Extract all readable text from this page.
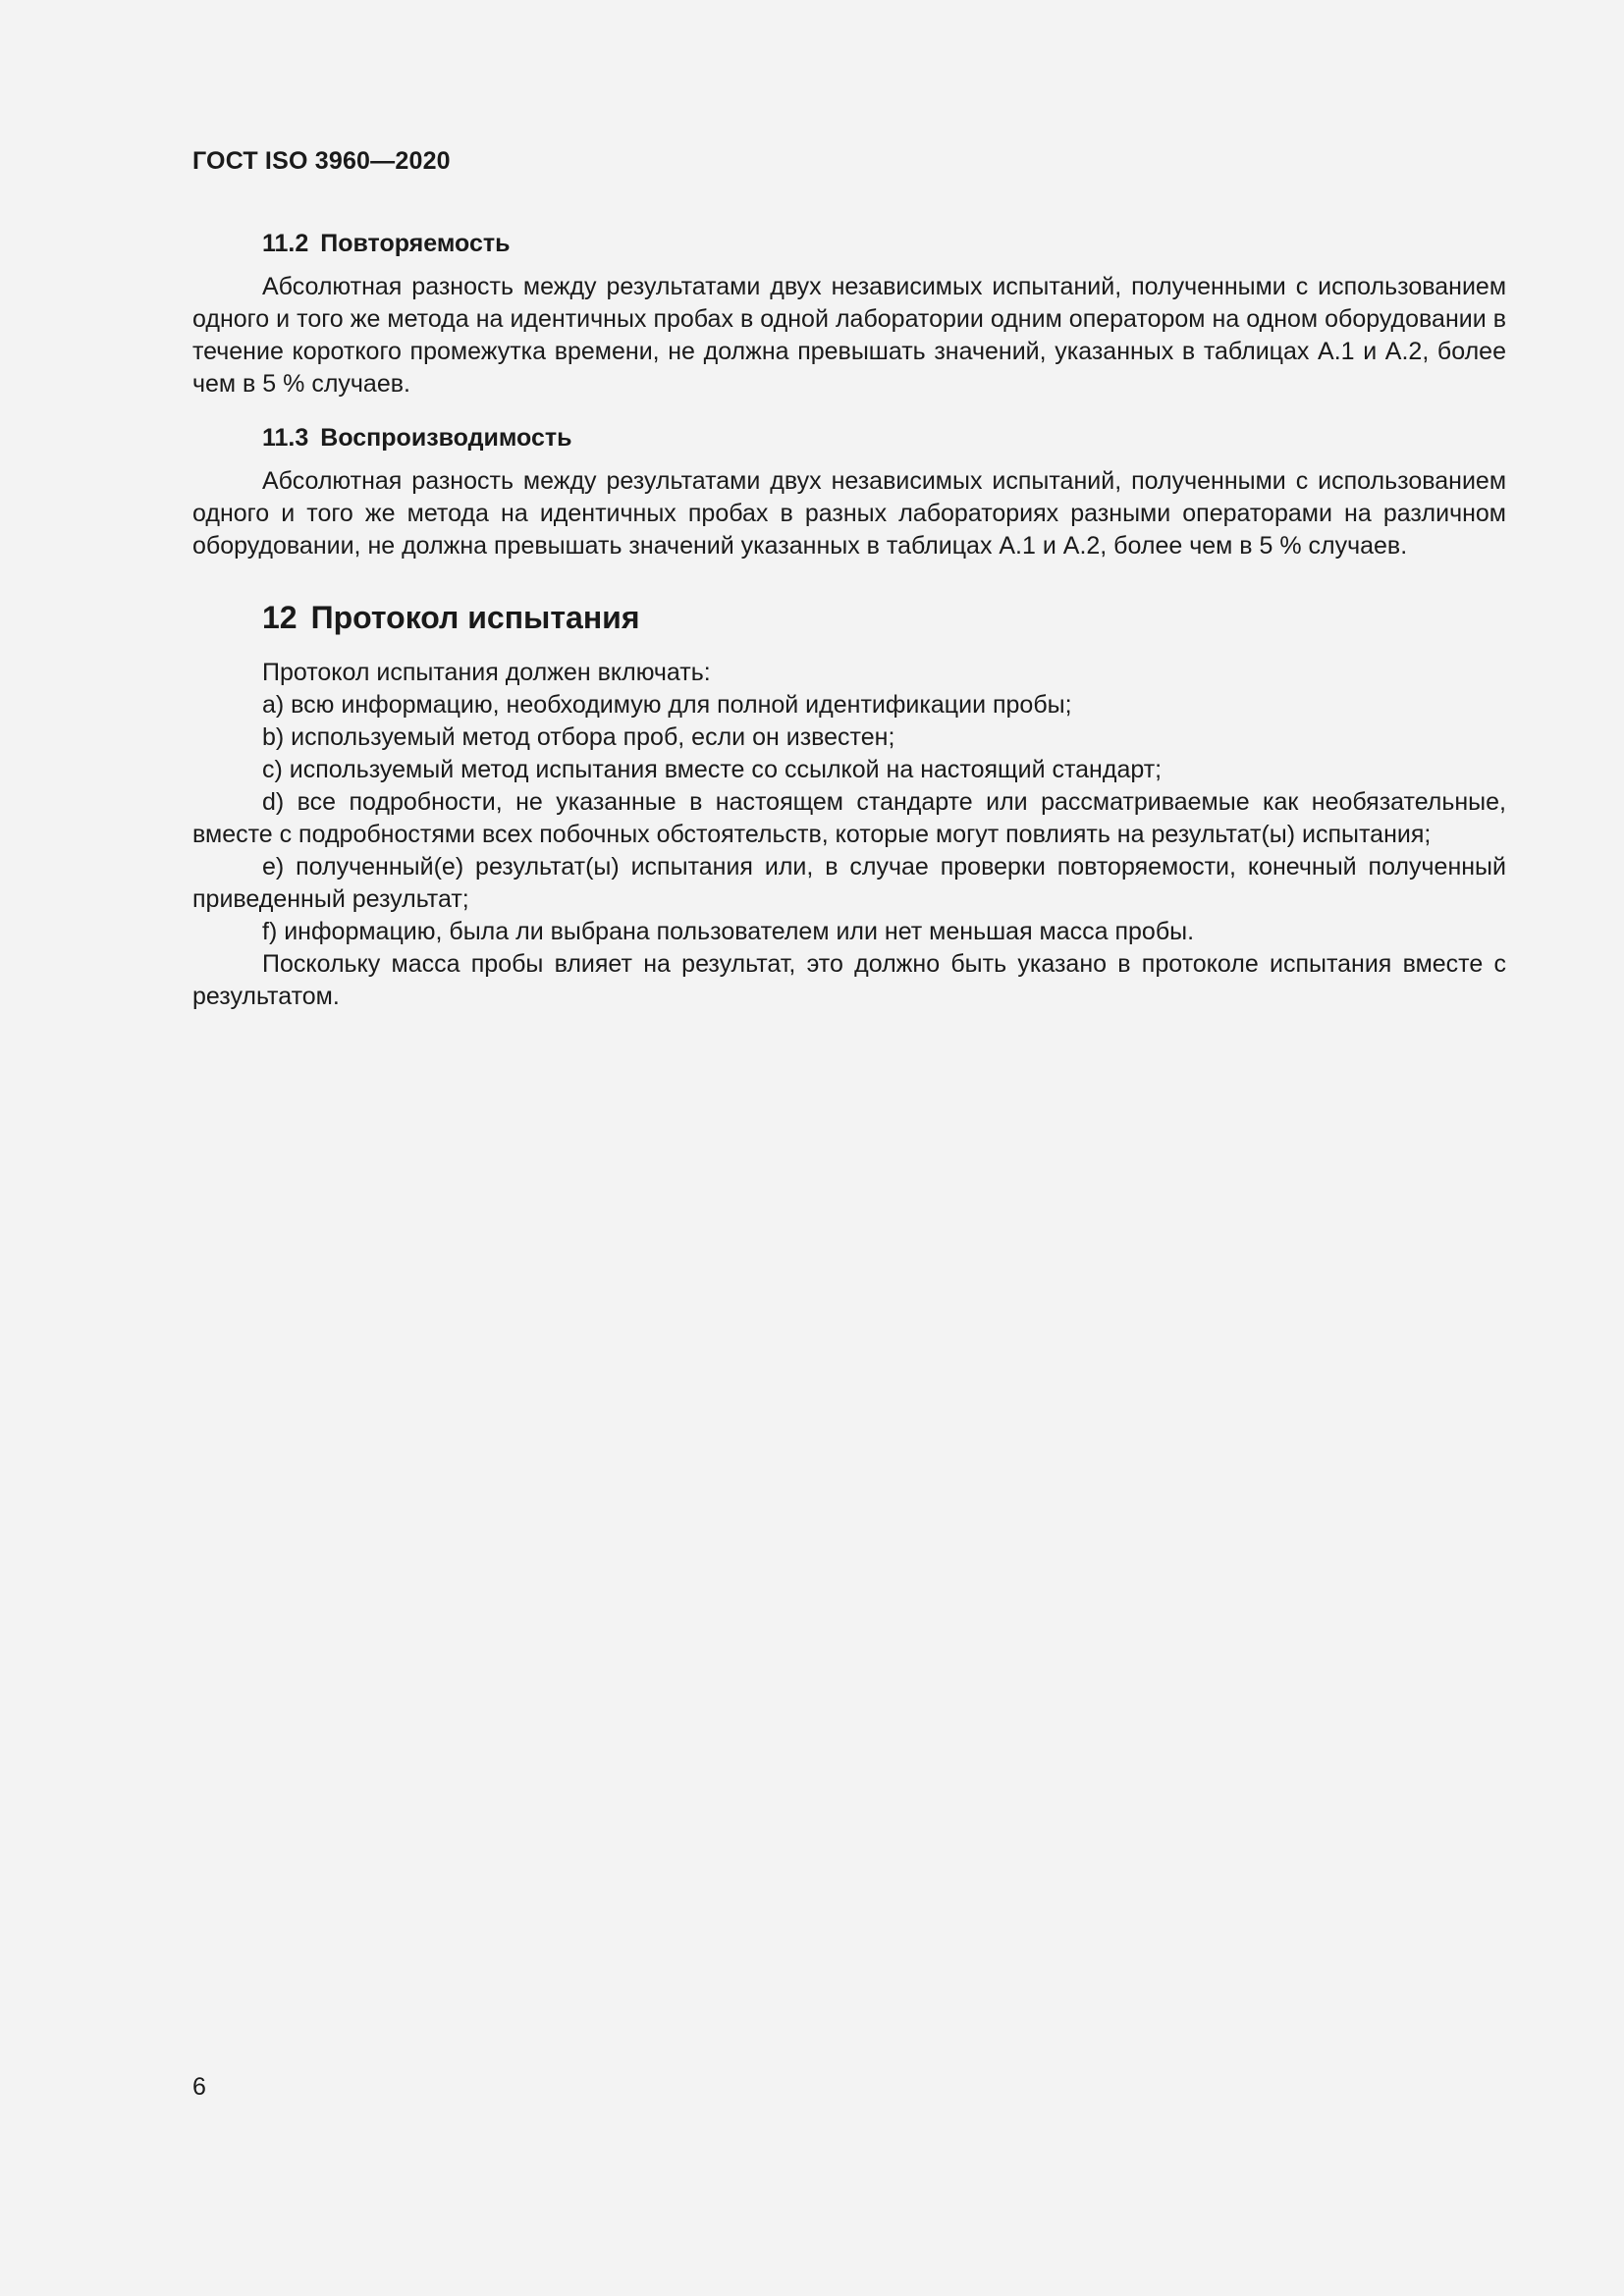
ГОСТ ISO 3960—2020

11.2 Повторяемость

Абсолютная разность между результатами двух независимых испытаний, полученными с использованием одного и того же метода на идентичных пробах в одной лаборатории одним оператором на одном оборудовании в течение короткого промежутка времени, не должна превышать значений, указанных в таблицах А.1 и А.2, более чем в 5 % случаев.

11.3 Воспроизводимость

Абсолютная разность между результатами двух независимых испытаний, полученными с использованием одного и того же метода на идентичных пробах в разных лабораториях разными операторами на различном оборудовании, не должна превышать значений указанных в таблицах А.1 и А.2, более чем в 5 % случаев.

12 Протокол испытания

Протокол испытания должен включать:

a) всю информацию, необходимую для полной идентификации пробы;

b) используемый метод отбора проб, если он известен;

c) используемый метод испытания вместе со ссылкой на настоящий стандарт;

d) все подробности, не указанные в настоящем стандарте или рассматриваемые как необязательные, вместе с подробностями всех побочных обстоятельств, которые могут повлиять на результат(ы) испытания;

e) полученный(е) результат(ы) испытания или, в случае проверки повторяемости, конечный полученный приведенный результат;

f) информацию, была ли выбрана пользователем или нет меньшая масса пробы.

Поскольку масса пробы влияет на результат, это должно быть указано в протоколе испытания вместе с результатом.

6
